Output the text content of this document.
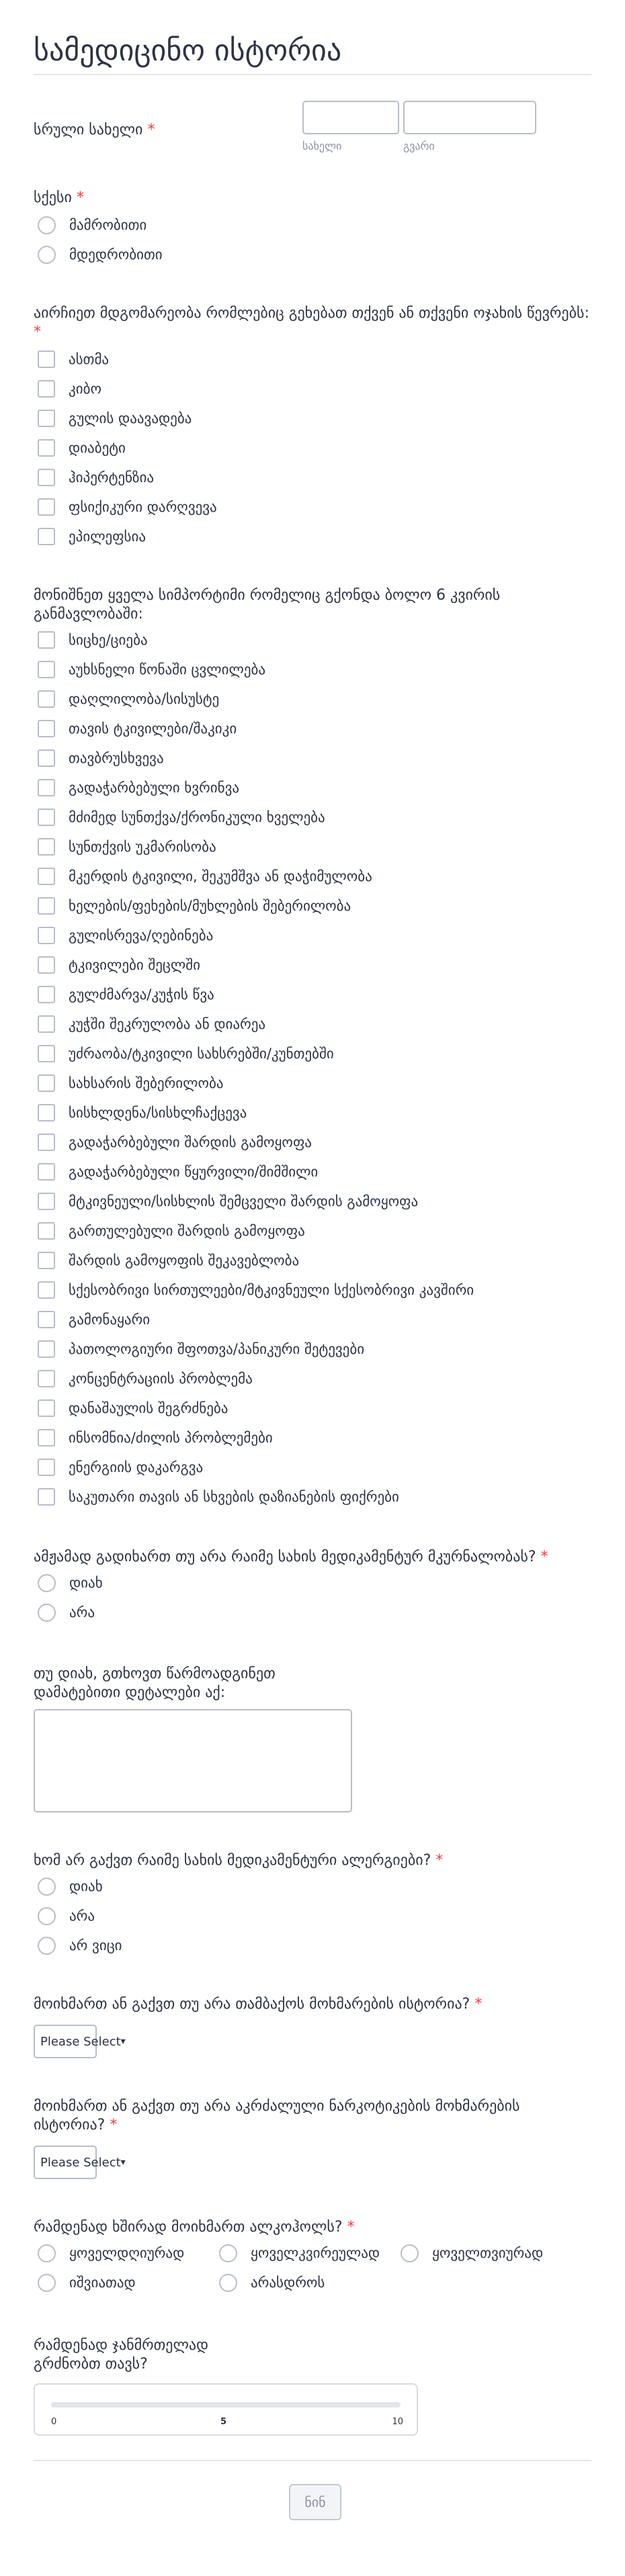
სამედიცინო ისტორია
სრული სახელი *
სახელი	გვარი
სქესი *
მამრობითი
მდედრობითი
აირჩიეთ მდგომარეობა რომლებიც გეხებათ თქვენ ან თქვენი ოჯახის წევრებს: *
ასთმა
კიბო
გულის დაავადება
დიაბეტი
ჰიპერტენზია
ფსიქიკური დარღვევა
ეპილეფსია
მონიშნეთ ყველა სიმპორტიმი რომელიც გქონდა ბოლო 6 კვირის განმავლობაში:
სიცხე/ციება
აუხსნელი წონაში ცვლილება
დაღლილობა/სისუსტე
თავის ტკივილები/შაკიკი
თავბრუსხვევა
გადაჭარბებული ხვრინვა
მძიმედ სუნთქვა/ქრონიკული ხველება
სუნთქვის უკმარისობა
მკერდის ტკივილი, შეკუმშვა ან დაჭიმულობა
ხელების/ფეხების/მუხლების შებერილობა
გულისრევა/ღებინება
ტკივილები შეცლში
გულძმარვა/კუჭის წვა
კუჭში შეკრულობა ან დიარეა
უძრაობა/ტკივილი სახსრებში/კუნთებში
სახსარის შებერილობა
სისხლდენა/სისხლჩაქცევა
გადაჭარბებული შარდის გამოყოფა
გადაჭარბებული წყურვილი/შიმშილი
მტკივნეული/სისხლის შემცველი შარდის გამოყოფა
გართულებული შარდის გამოყოფა
შარდის გამოყოფის შეკავებლობა
სქესობრივი სირთულეები/მტკივნეული სქესობრივი კავშირი
გამონაყარი
პათოლოგიური შფოთვა/პანიკური შეტევები
კონცენტრაციის პრობლემა
დანაშაულის შეგრძნება
ინსომნია/ძილის პრობლემები
ენერგიის დაკარგვა
საკუთარი თავის ან სხვების დაზიანების ფიქრები
ამჟამად გადიხართ თუ არა რაიმე სახის მედიკამენტურ მკურნალობას? *
დიახ
არა
თუ დიახ, გთხოვთ წარმოადგინეთ
დამატებითი დეტალები აქ:
ხომ არ გაქვთ რაიმე სახის მედიკამენტური ალერგიები? *
დიახ
არა
არ ვიცი
მოიხმართ ან გაქვთ თუ არა თამბაქოს მოხმარების ისტორია? *
Please Select ▾
მოიხმართ ან გაქვთ თუ არა აკრძალული ნარკოტიკების მოხმარების ისტორია? *
Please Select ▾
რამდენად ხშირად მოიხმართ ალკოჰოლს? *
ყოველდღიურად	ყოველკვირეულად	ყოველთვიურად
იშვიათად	არასდროს
რამდენად ჯანმრთელად
გრძნობთ თავს?
0	5	10
ნინ
